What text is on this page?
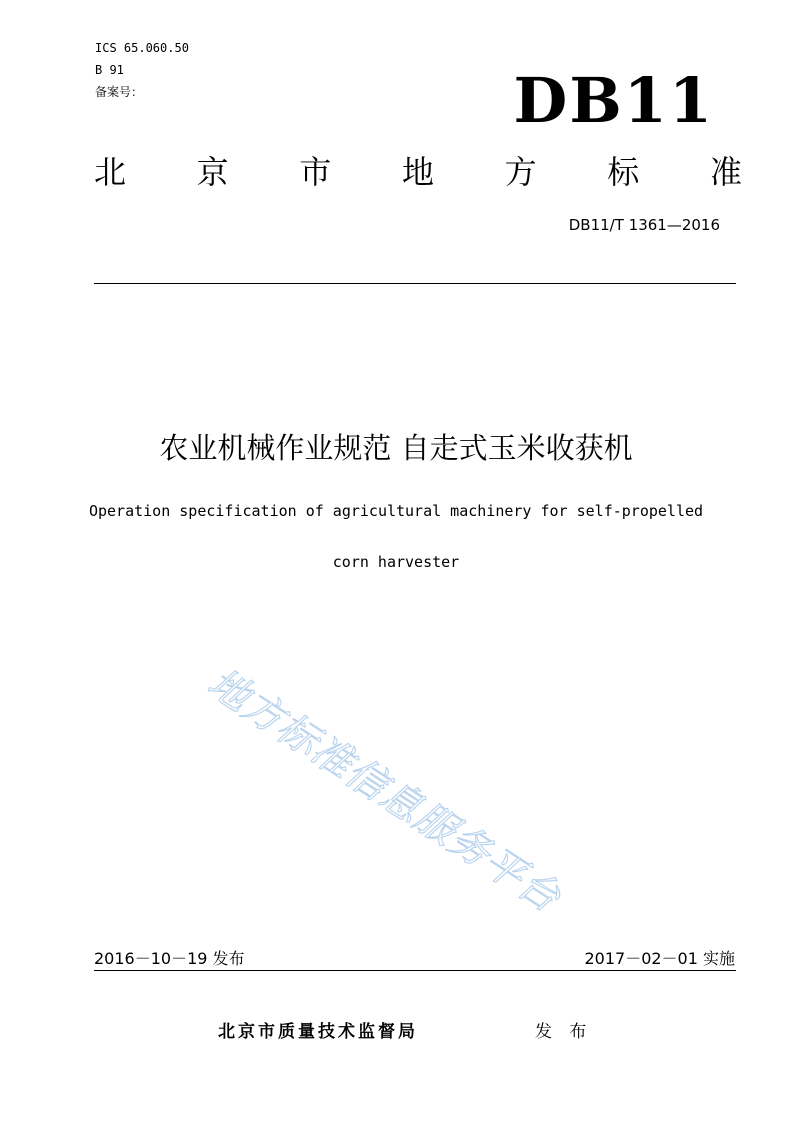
ICS 65.060.50
B 91
备案号：	DB11
北 京 市 地 方 标 准
DB11/T 1361—2016
农业机械作业规范 自走式玉米收获机
Operation specification of agricultural machinery for self-propelled
corn harvester
地方标准信息服务平台
2016－10－19 发布	2017－02－01 实施
北京市质量技术监督局	发 布
